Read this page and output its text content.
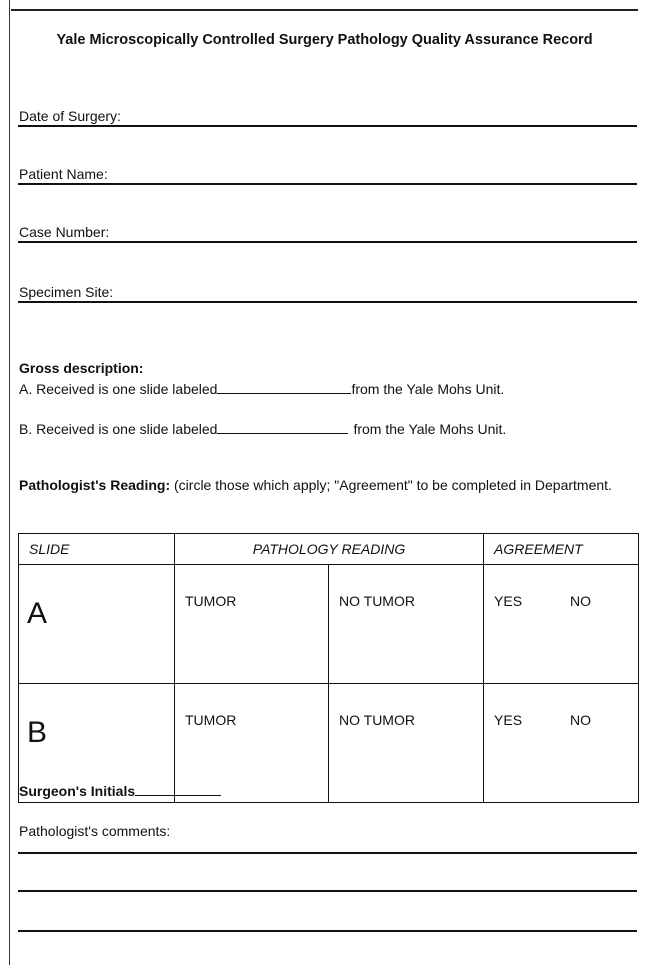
Yale Microscopically Controlled Surgery Pathology Quality Assurance Record
Date of Surgery:
Patient Name:
Case Number:
Specimen Site:
Gross description:
A. Received is one slide labeled	from the Yale Mohs Unit.
B. Received is one slide labeled	from the Yale Mohs Unit.
Pathologist's Reading: (circle those which apply; "Agreement" to be completed in Department.
SLIDE	PATHOLOGY READING		AGREEMENT
A	TUMOR	NO TUMOR	YES NO
B	TUMOR	NO TUMOR	YES NO
Surgeon's Initials
Pathologist's comments:
